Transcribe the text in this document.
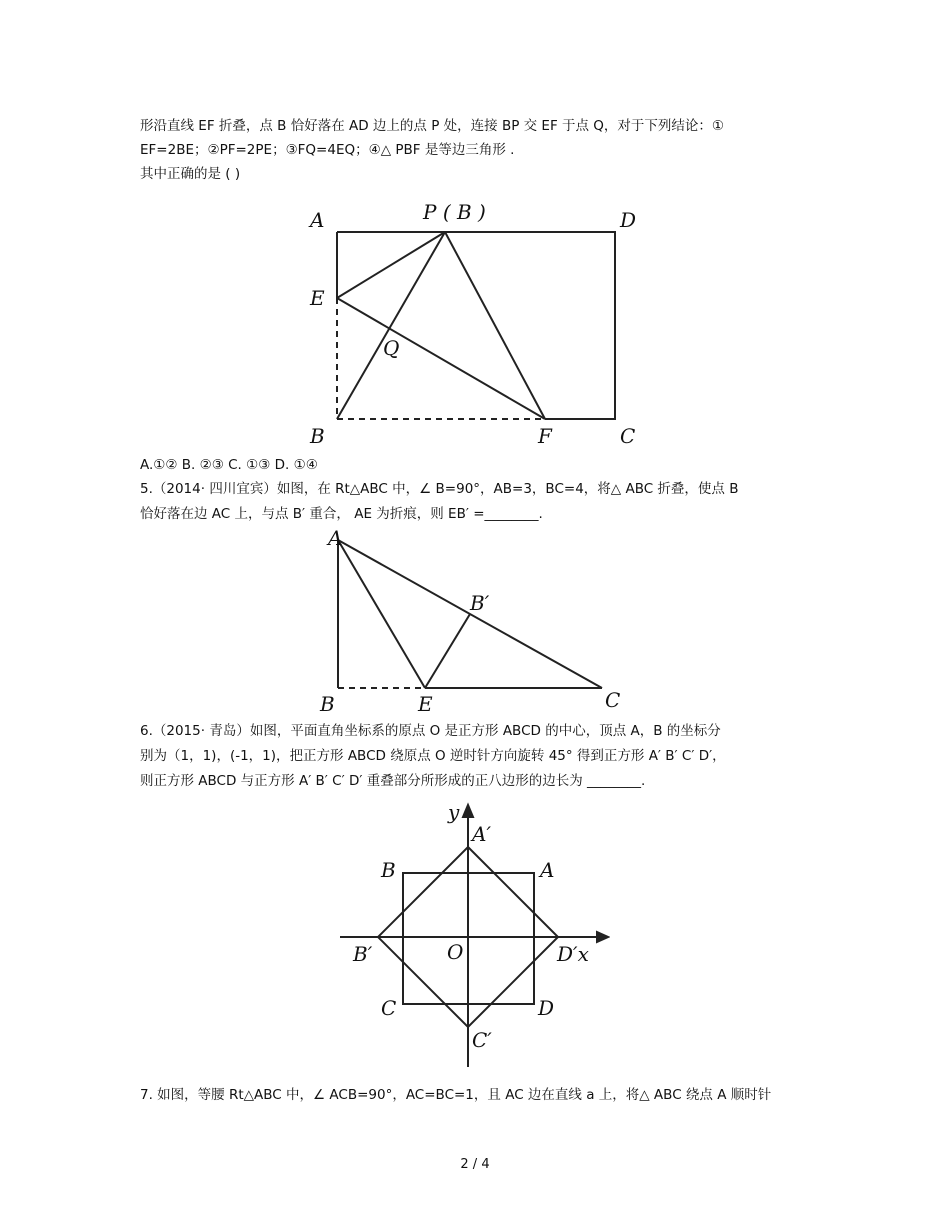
形沿直线 EF 折叠，点 B 恰好落在 AD 边上的点 P 处，连接 BP 交 EF 于点 Q，对于下列结论：①
EF=2BE；②PF=2PE；③FQ=4EQ；④△ PBF 是等边三角形 .
其中正确的是 ( )
A	P ( B )	D
E
Q
B	F	C
A.①② B. ②③ C. ①③ D. ①④
5.（2014· 四川宜宾）如图，在 Rt△ABC 中，∠ B=90°，AB=3，BC=4，将△ ABC 折叠，使点 B
恰好落在边 AC 上，与点 B′ 重合， AE 为折痕，则 EB′ =________.
A
B′
B	E	C
6.（2015· 青岛）如图，平面直角坐标系的原点 O 是正方形 ABCD 的中心，顶点 A，B 的坐标分
别为（1，1)，(-1，1)，把正方形 ABCD 绕原点 O 逆时针方向旋转 45° 得到正方形 A′ B′ C′ D′，
则正方形 ABCD 与正方形 A′ B′ C′ D′ 重叠部分所形成的正八边形的边长为 ________.
y
A′
B	A
B′	O	D′x
C	D
C′
7. 如图，等腰 Rt△ABC 中，∠ ACB=90°，AC=BC=1，且 AC 边在直线 a 上，将△ ABC 绕点 A 顺时针
2 / 4
